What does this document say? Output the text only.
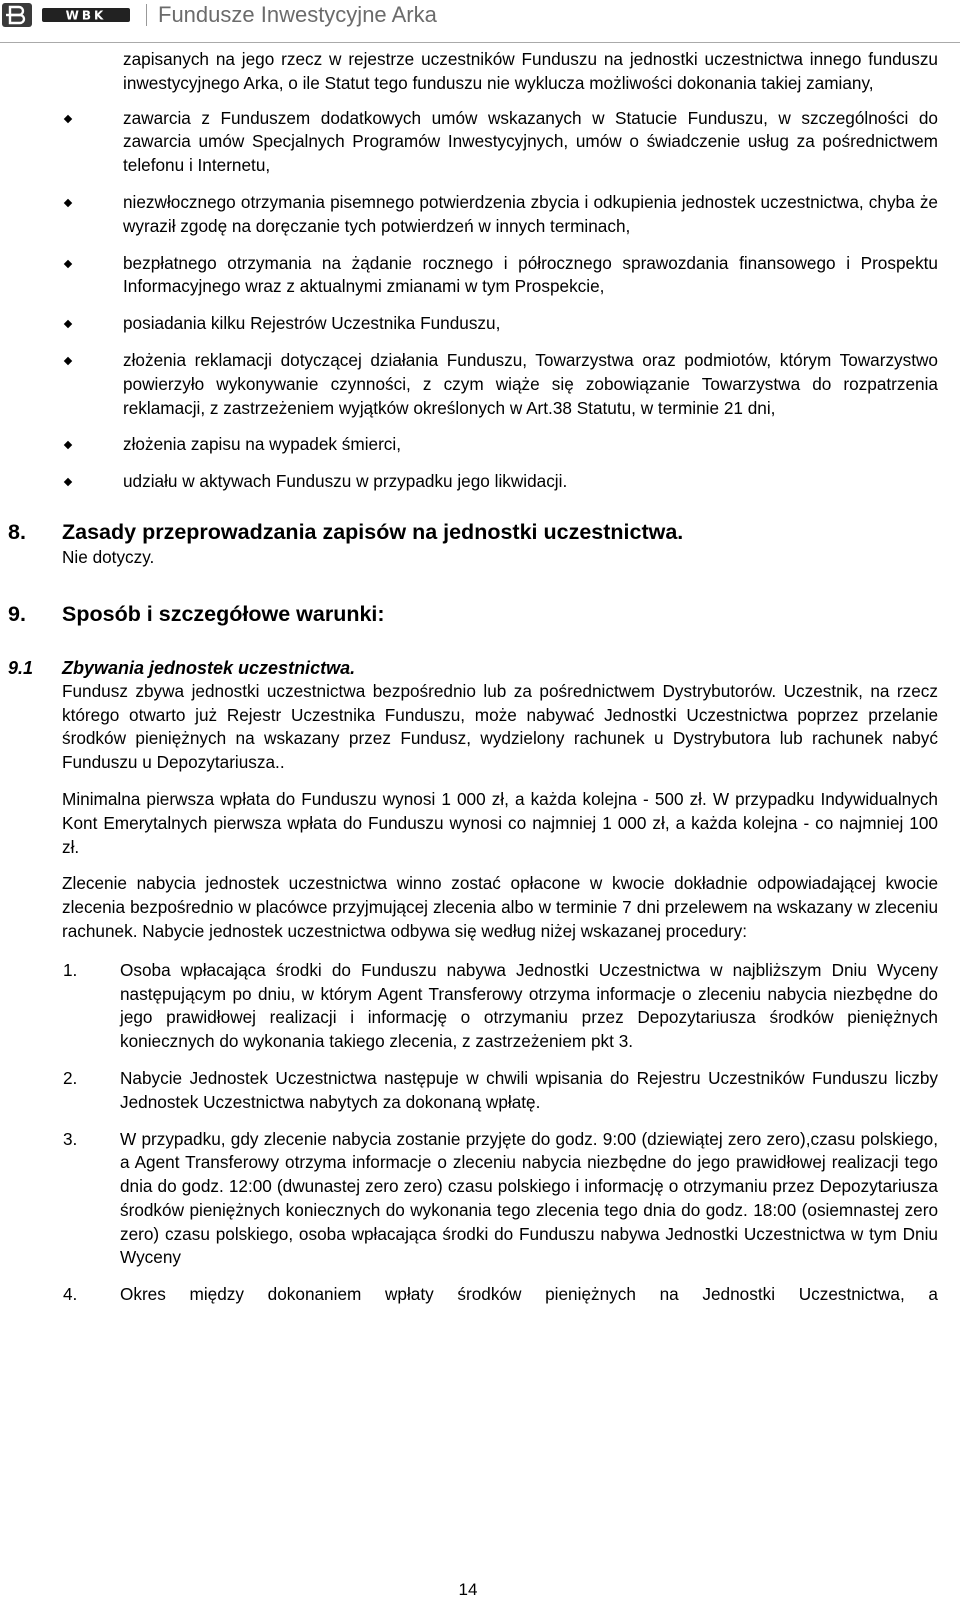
WBK Fundusze Inwestycyjne Arka

zapisanych na jego rzecz w rejestrze uczestników Funduszu na jednostki uczestnictwa innego funduszu inwestycyjnego Arka, o ile Statut tego funduszu nie wyklucza możliwości dokonania takiej zamiany,

zawarcia z Funduszem dodatkowych umów wskazanych w Statucie Funduszu, w szczególności do zawarcia umów Specjalnych Programów Inwestycyjnych, umów o świadczenie usług za pośrednictwem telefonu i Internetu,
niezwłocznego otrzymania pisemnego potwierdzenia zbycia i odkupienia jednostek uczestnictwa, chyba że wyraził zgodę na doręczanie tych potwierdzeń w innych terminach,
bezpłatnego otrzymania na żądanie rocznego i półrocznego sprawozdania finansowego i Prospektu Informacyjnego wraz z aktualnymi zmianami w tym Prospekcie,
posiadania kilku Rejestrów Uczestnika Funduszu,
złożenia reklamacji dotyczącej działania Funduszu, Towarzystwa oraz podmiotów, którym Towarzystwo powierzyło wykonywanie czynności, z czym wiąże się zobowiązanie Towarzystwa do rozpatrzenia reklamacji, z zastrzeżeniem wyjątków określonych w Art.38 Statutu, w terminie 21 dni,
złożenia zapisu na wypadek śmierci,
udziału w aktywach Funduszu w przypadku jego likwidacji.
8. Zasady przeprowadzania zapisów na jednostki uczestnictwa.
Nie dotyczy.
9. Sposób i szczegółowe warunki:
9.1 Zbywania jednostek uczestnictwa.
Fundusz zbywa jednostki uczestnictwa bezpośrednio lub za pośrednictwem Dystrybutorów. Uczestnik, na rzecz którego otwarto już Rejestr Uczestnika Funduszu, może nabywać Jednostki Uczestnictwa poprzez przelanie środków pieniężnych na wskazany przez Fundusz, wydzielony rachunek u Dystrybutora lub rachunek nabyć Funduszu u Depozytariusza..
Minimalna pierwsza wpłata do Funduszu wynosi 1 000 zł, a każda kolejna - 500 zł. W przypadku Indywidualnych Kont Emerytalnych pierwsza wpłata do Funduszu wynosi co najmniej 1 000 zł, a każda kolejna - co najmniej 100 zł.
Zlecenie nabycia jednostek uczestnictwa winno zostać opłacone w kwocie dokładnie odpowiadającej kwocie zlecenia bezpośrednio w placówce przyjmującej zlecenia albo w terminie 7 dni przelewem na wskazany w zleceniu rachunek. Nabycie jednostek uczestnictwa odbywa się według niżej wskazanej procedury:
1. Osoba wpłacająca środki do Funduszu nabywa Jednostki Uczestnictwa w najbliższym Dniu Wyceny następującym po dniu, w którym Agent Transferowy otrzyma informacje o zleceniu nabycia niezbędne do jego prawidłowej realizacji i informację o otrzymaniu przez Depozytariusza środków pieniężnych koniecznych do wykonania takiego zlecenia, z zastrzeżeniem pkt 3.
2. Nabycie Jednostek Uczestnictwa następuje w chwili wpisania do Rejestru Uczestników Funduszu liczby Jednostek Uczestnictwa nabytych za dokonaną wpłatę.
3. W przypadku, gdy zlecenie nabycia zostanie przyjęte do godz. 9:00 (dziewiątej zero zero),czasu polskiego, a Agent Transferowy otrzyma informacje o zleceniu nabycia niezbędne do jego prawidłowej realizacji tego dnia do godz. 12:00 (dwunastej zero zero) czasu polskiego i informację o otrzymaniu przez Depozytariusza środków pieniężnych koniecznych do wykonania tego zlecenia tego dnia do godz. 18:00 (osiemnastej zero zero) czasu polskiego, osoba wpłacająca środki do Funduszu nabywa Jednostki Uczestnictwa w tym Dniu Wyceny
4. Okres między dokonaniem wpłaty środków pieniężnych na Jednostki Uczestnictwa, a
14
